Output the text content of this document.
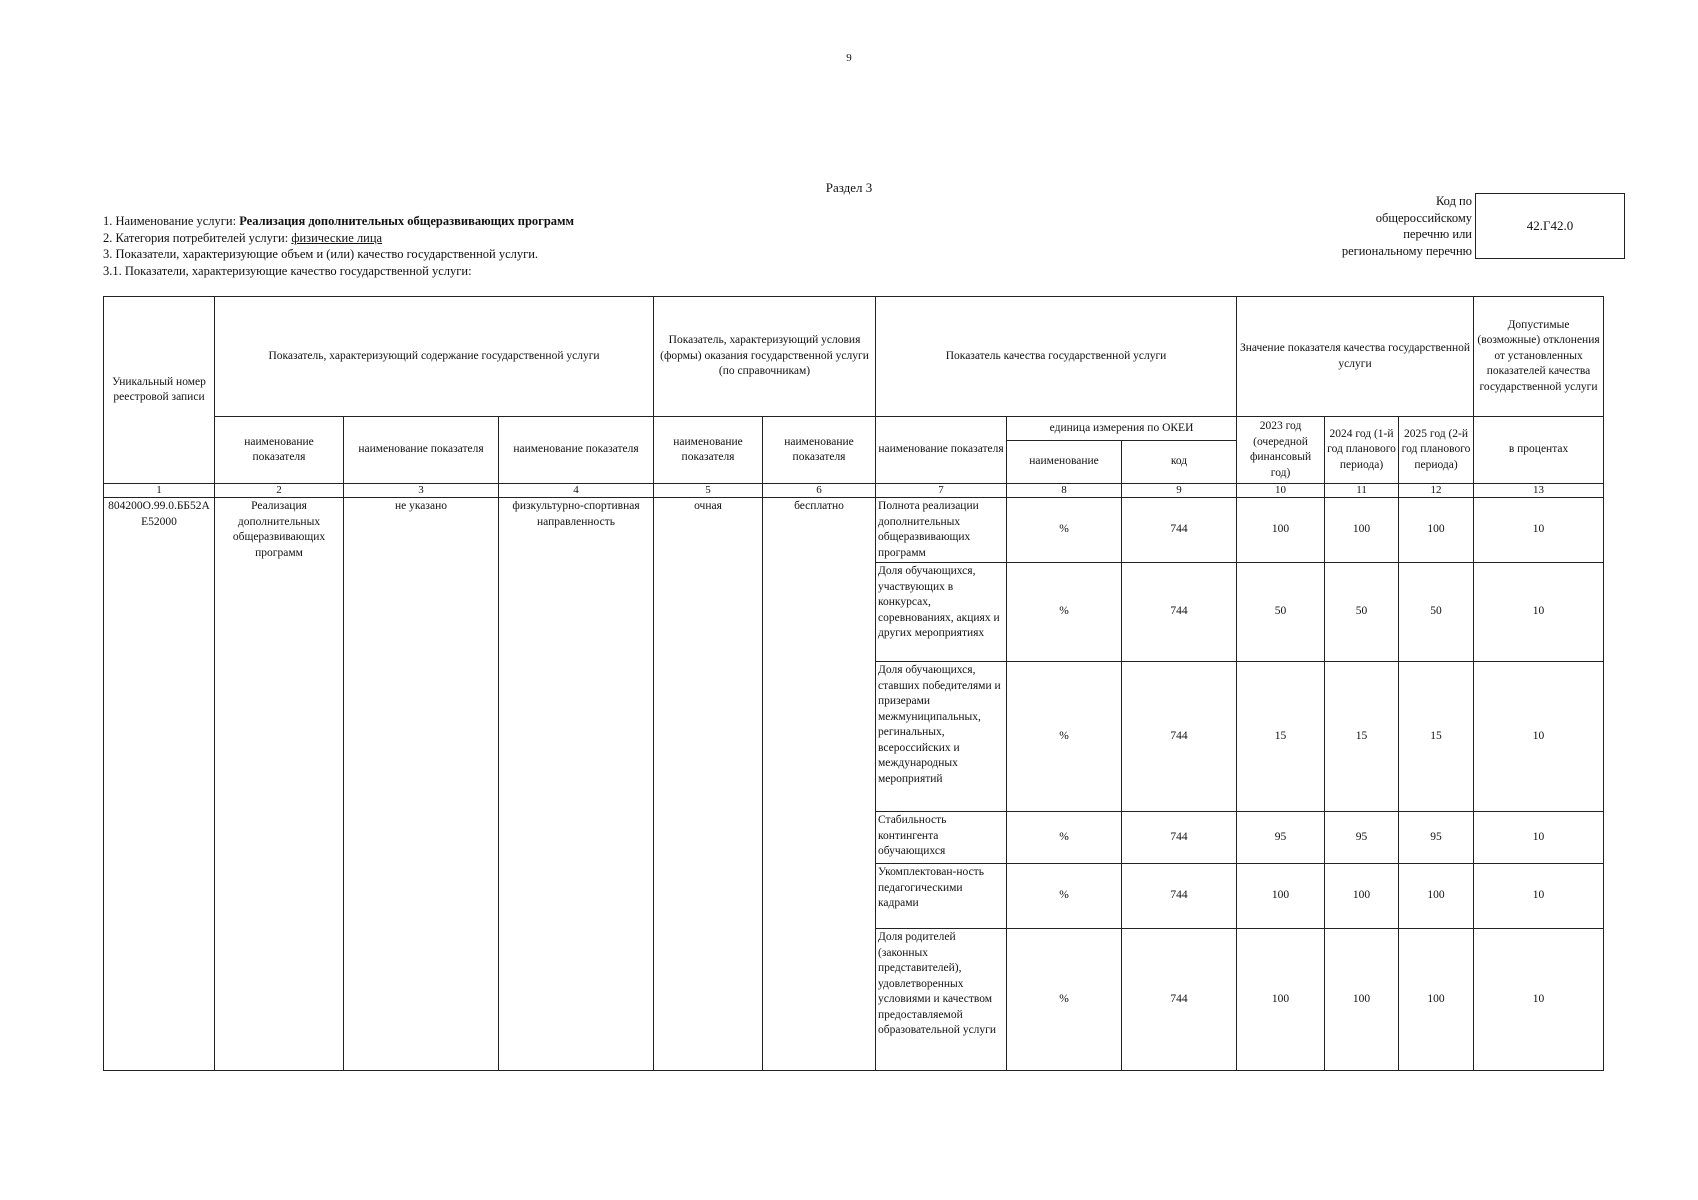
9
Раздел 3
1. Наименование услуги: Реализация дополнительных общеразвивающих программ
2. Категория потребителей услуги: физические лица
3. Показатели, характеризующие объем и (или) качество государственной услуги.
3.1. Показатели, характеризующие качество государственной услуги:
Код по
общероссийскому
перечню или
региональному перечню
42.Г42.0
Уникальный номер реестровой записи	Показатель, характеризующий содержание государственной услуги			Показатель, характеризующий условия (формы) оказания государственной услуги (по справочникам)		Показатель качества государственной услуги			Значение показателя качества государственной услуги			Допустимые (возможные) отклонения от установленных показателей качества государственной услуги
	наименование показателя	наименование показателя	наименование показателя	наименование показателя	наименование показателя	наименование показателя	единица измерения по ОКЕИ		2023 год (очередной финансовый год)	2024 год (1-й год планового периода)	2025 год (2-й год планового периода)	в процентах
							наименование	код				
1	2	3	4	5	6	7	8	9	10	11	12	13
804200О.99.0.ББ52АЕ52000	Реализация дополнительных общеразвивающих программ	не указано	физкультурно-спортивная направленность	очная	бесплатно	Полнота реализации дополнительных общеразвивающих программ	%	744	100	100	100	10
						Доля обучающихся, участвующих в конкурсах, соревнованиях, акциях и других мероприятиях	%	744	50	50	50	10
						Доля обучающихся, ставших победителями и призерами межмуниципальных, регинальных, всероссийских и международных мероприятий	%	744	15	15	15	10
						Стабильность контингента обучающихся	%	744	95	95	95	10
						Укомплектован-ность педагогическими кадрами	%	744	100	100	100	10
						Доля родителей (законных представителей), удовлетворенных условиями и качеством предоставляемой образовательной услуги	%	744	100	100	100	10
